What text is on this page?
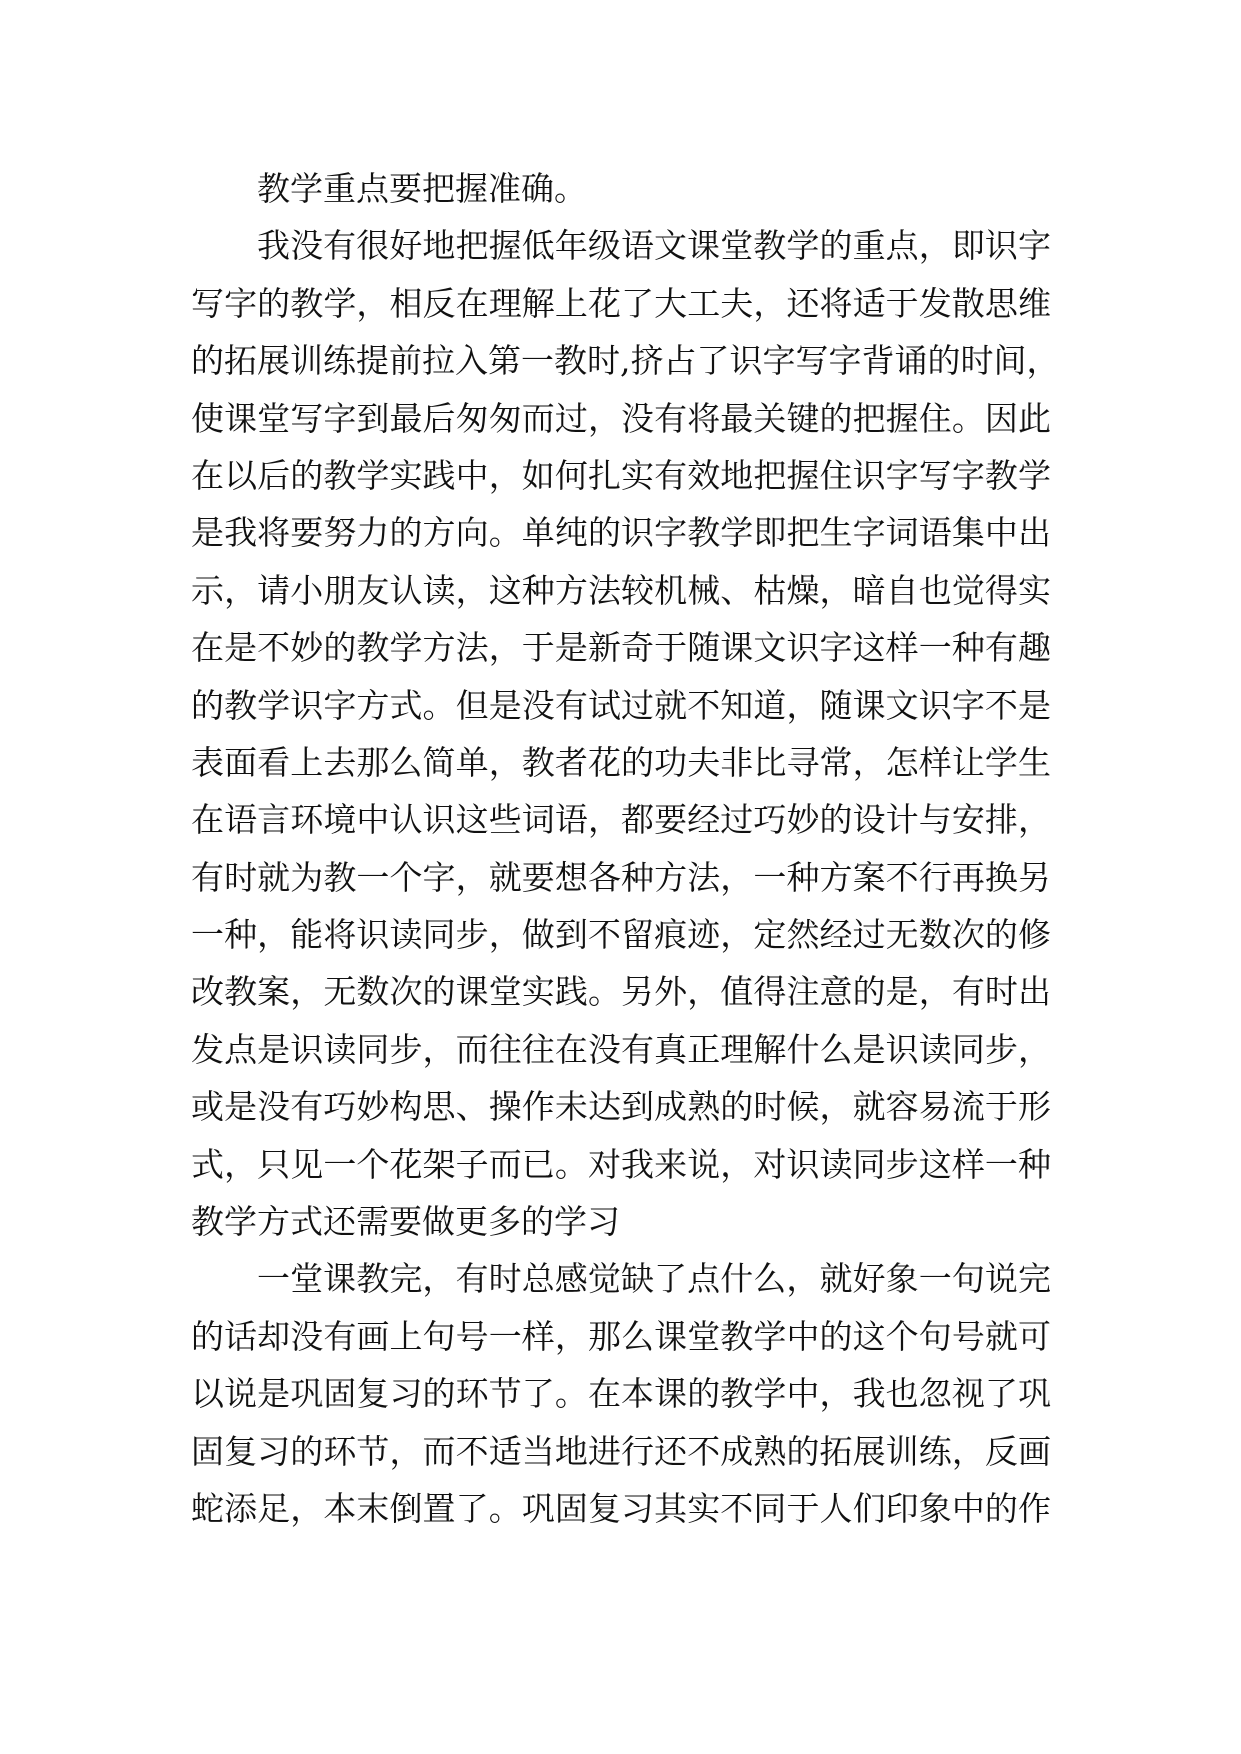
教学重点要把握准确。
我没有很好地把握低年级语文课堂教学的重点，即识字
写字的教学，相反在理解上花了大工夫，还将适于发散思维
的拓展训练提前拉入第一教时,挤占了识字写字背诵的时间，
使课堂写字到最后匆匆而过，没有将最关键的把握住。因此
在以后的教学实践中，如何扎实有效地把握住识字写字教学
是我将要努力的方向。单纯的识字教学即把生字词语集中出
示，请小朋友认读，这种方法较机械、枯燥，暗自也觉得实
在是不妙的教学方法，于是新奇于随课文识字这样一种有趣
的教学识字方式。但是没有试过就不知道，随课文识字不是
表面看上去那么简单，教者花的功夫非比寻常，怎样让学生
在语言环境中认识这些词语，都要经过巧妙的设计与安排，
有时就为教一个字，就要想各种方法，一种方案不行再换另
一种，能将识读同步，做到不留痕迹，定然经过无数次的修
改教案，无数次的课堂实践。另外，值得注意的是，有时出
发点是识读同步，而往往在没有真正理解什么是识读同步，
或是没有巧妙构思、操作未达到成熟的时候，就容易流于形
式，只见一个花架子而已。对我来说，对识读同步这样一种
教学方式还需要做更多的学习
一堂课教完，有时总感觉缺了点什么，就好象一句说完
的话却没有画上句号一样，那么课堂教学中的这个句号就可
以说是巩固复习的环节了。在本课的教学中，我也忽视了巩
固复习的环节，而不适当地进行还不成熟的拓展训练，反画
蛇添足，本末倒置了。巩固复习其实不同于人们印象中的作
